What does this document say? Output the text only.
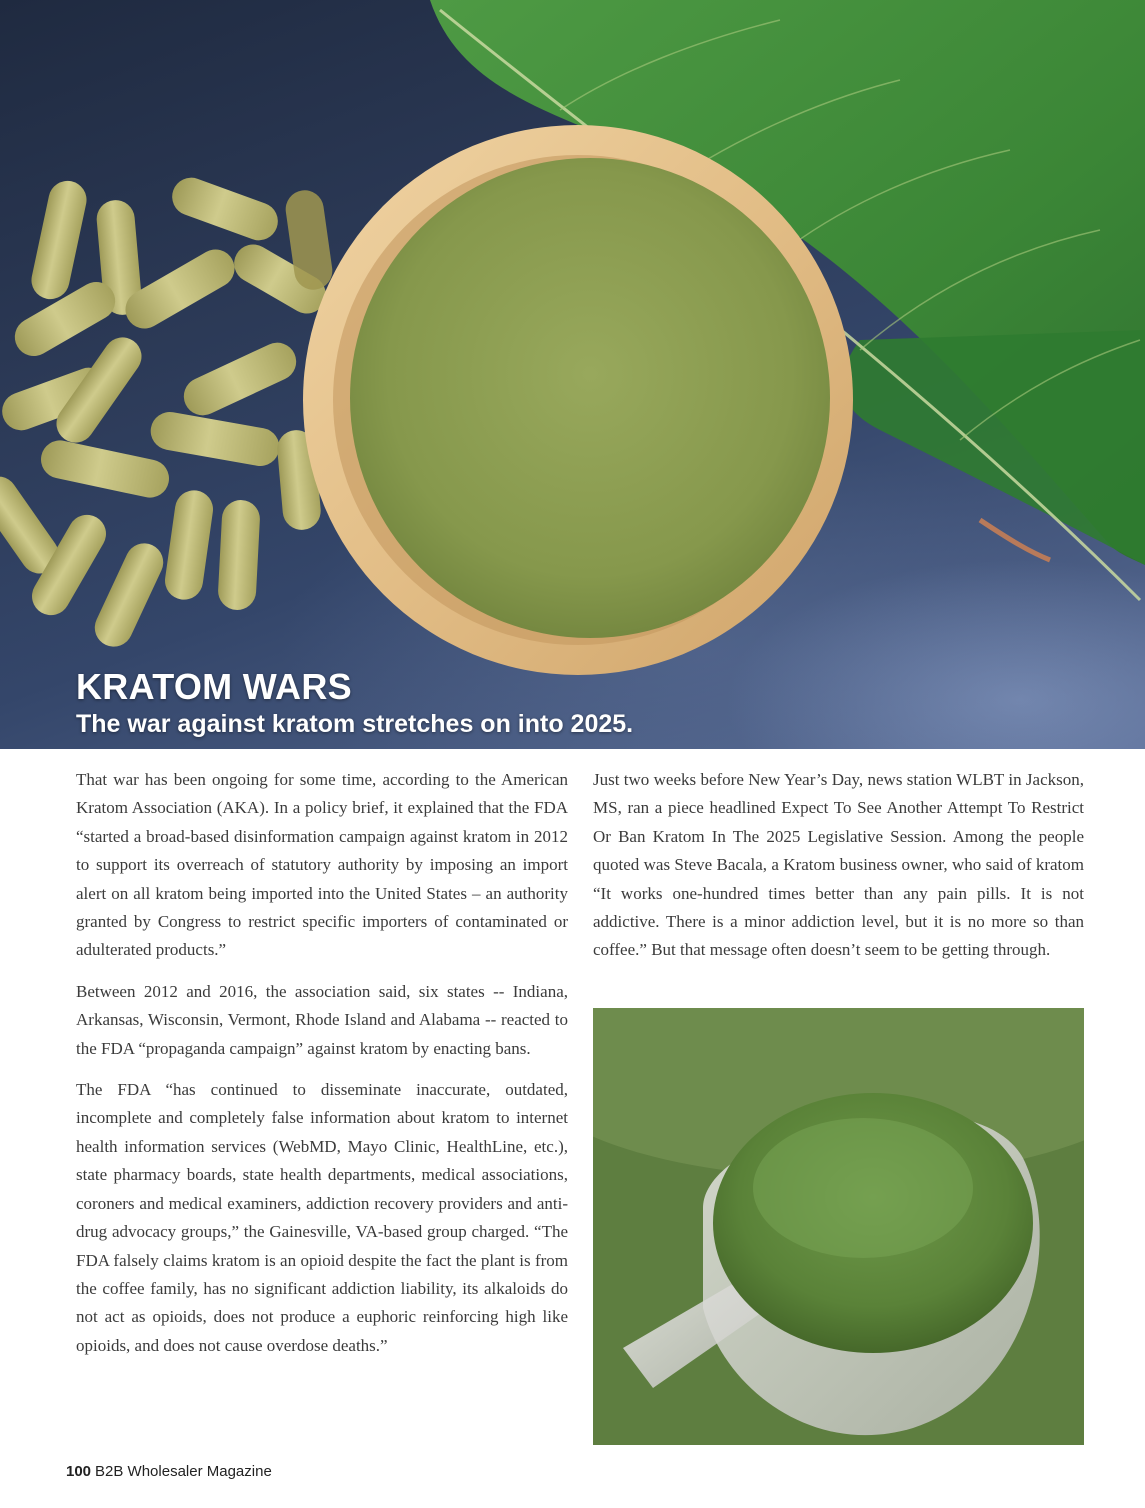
KRATOM WARS
The war against kratom stretches on into 2025.

That war has been ongoing for some time, according to the American Kratom Association (AKA). In a policy brief, it explained that the FDA “started a broad-based disinformation campaign against kratom in 2012 to support its overreach of statutory authority by imposing an import alert on all kratom being imported into the United States – an authority granted by Congress to restrict specific importers of contaminated or adulterated products.”

Between 2012 and 2016, the association said, six states -- Indiana, Arkansas, Wisconsin, Vermont, Rhode Island and Alabama -- reacted to the FDA “propaganda campaign” against kratom by enacting bans.

The FDA “has continued to disseminate inaccurate, outdated, incomplete and completely false information about kratom to internet health information services (WebMD, Mayo Clinic, HealthLine, etc.), state pharmacy boards, state health departments, medical associations, coroners and medical examiners, addiction recovery providers and anti-drug advocacy groups,” the Gainesville, VA-based group charged. “The FDA falsely claims kratom is an opioid despite the fact the plant is from the coffee family, has no significant addiction liability, its alkaloids do not act as opioids, does not produce a euphoric reinforcing high like opioids, and does not cause overdose deaths.”

Just two weeks before New Year’s Day, news station WLBT in Jackson, MS, ran a piece headlined Expect To See Another Attempt To Restrict Or Ban Kratom In The 2025 Legislative Session. Among the people quoted was Steve Bacala, a Kratom business owner, who said of kratom “It works one-hundred times better than any pain pills. It is not addictive. There is a minor addiction level, but it is no more so than coffee.” But that message often doesn’t seem to be getting through.

100 B2B Wholesaler Magazine
